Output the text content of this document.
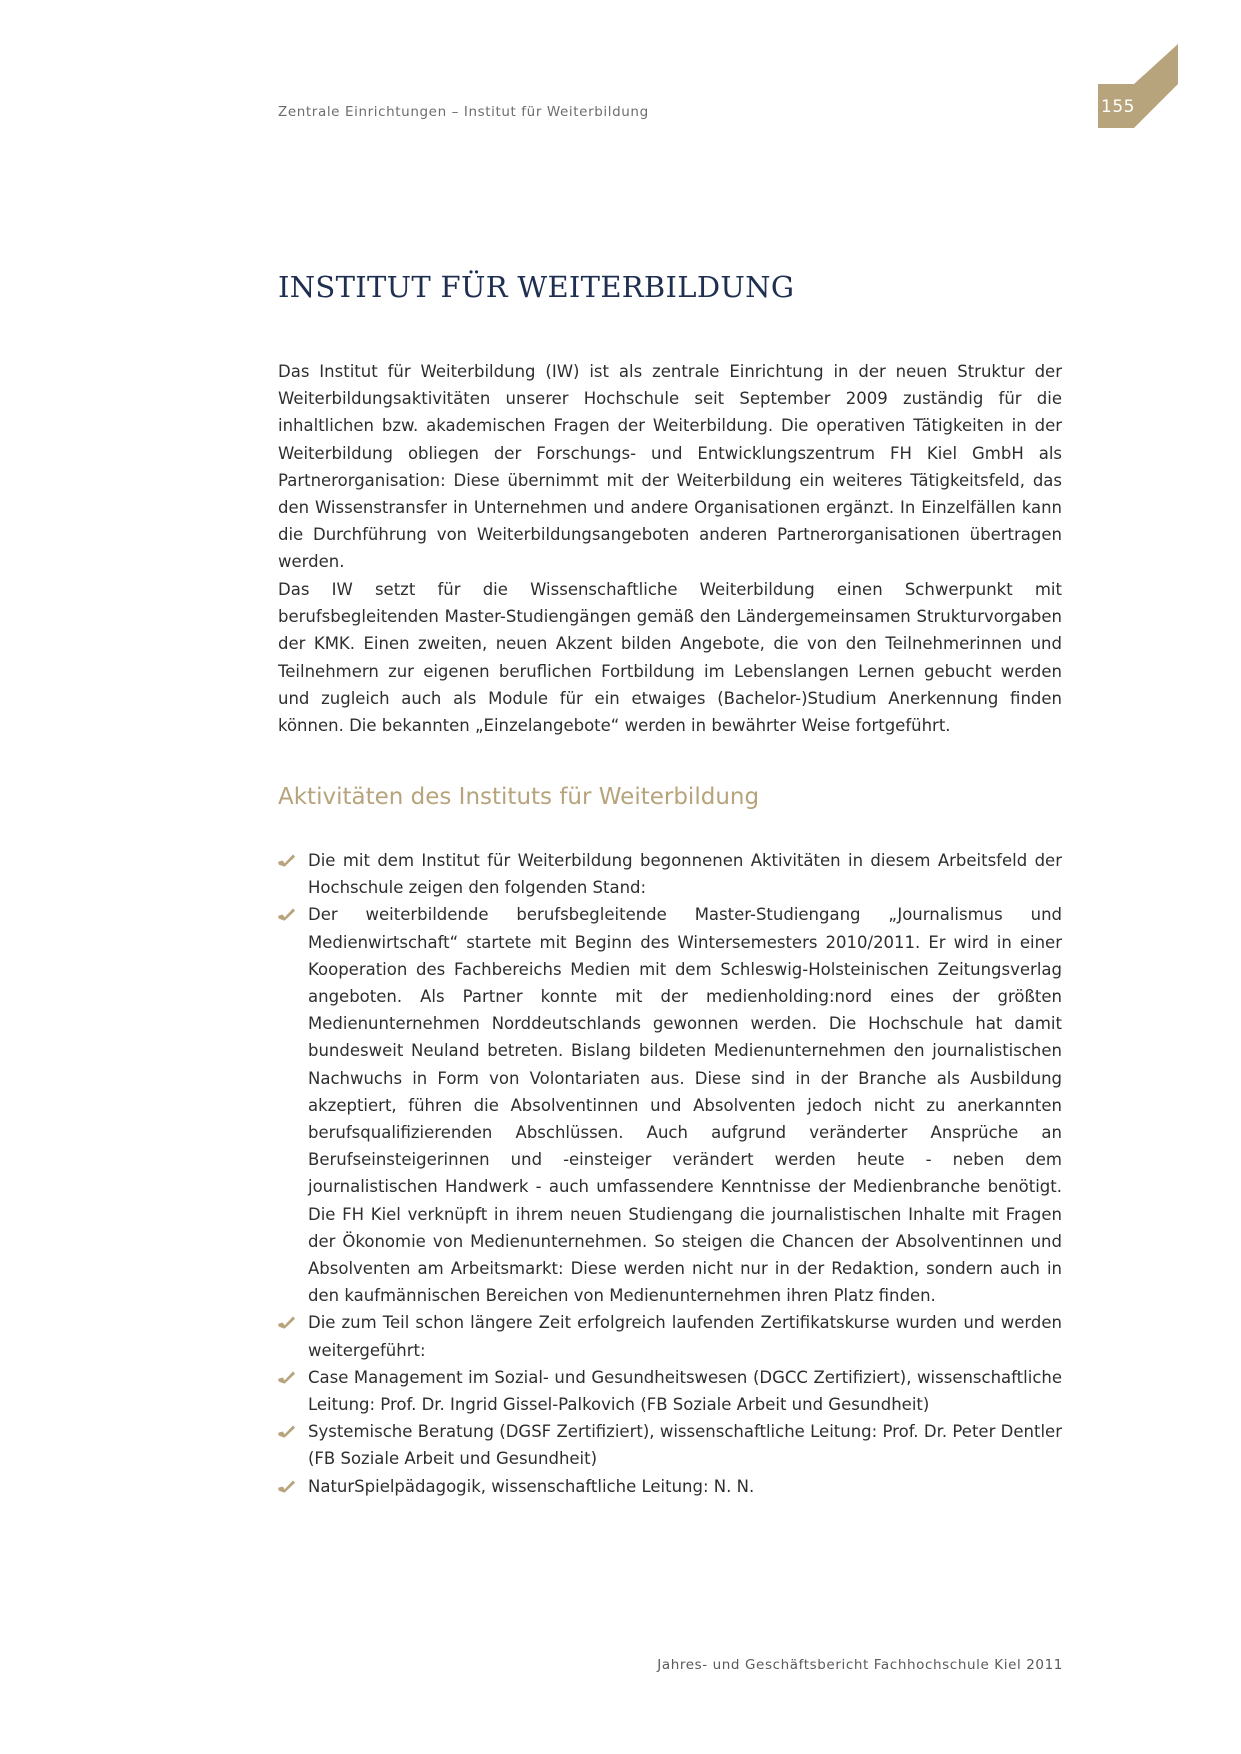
Zentrale Einrichtungen – Institut für Weiterbildung	155
INSTITUT FÜR WEITERBILDUNG

Das Institut für Weiterbildung (IW) ist als zentrale Einrichtung in der neuen Struktur der Weiterbildungsaktivitäten unserer Hochschule seit September 2009 zuständig für die inhaltlichen bzw. akademischen Fragen der Weiterbildung. Die operativen Tätigkeiten in der Weiterbildung obliegen der Forschungs- und Entwicklungszentrum FH Kiel GmbH als Partnerorganisation: Diese übernimmt mit der Weiterbildung ein weiteres Tätigkeitsfeld, das den Wissenstransfer in Unternehmen und andere Organisationen ergänzt. In Einzelfällen kann die Durchführung von Weiterbildungsangeboten anderen Partnerorganisationen übertragen werden.

Das IW setzt für die Wissenschaftliche Weiterbildung einen Schwerpunkt mit berufsbegleitenden Master-Studiengängen gemäß den Ländergemeinsamen Strukturvorgaben der KMK. Einen zweiten, neuen Akzent bilden Angebote, die von den Teilnehmerinnen und Teilnehmern zur eigenen beruflichen Fortbildung im Lebenslangen Lernen gebucht werden und zugleich auch als Module für ein etwaiges (Bachelor-)Studium Anerkennung finden können. Die bekannten „Einzelangebote“ werden in bewährter Weise fortgeführt.

Aktivitäten des Instituts für Weiterbildung
Die mit dem Institut für Weiterbildung begonnenen Aktivitäten in diesem Arbeitsfeld der Hochschule zeigen den folgenden Stand:
Der weiterbildende berufsbegleitende Master-Studiengang „Journalismus und Medienwirtschaft“ startete mit Beginn des Wintersemesters 2010/2011. Er wird in einer Kooperation des Fachbereichs Medien mit dem Schleswig-Holsteinischen Zeitungsverlag angeboten. Als Partner konnte mit der medienholding:nord eines der größten Medienunternehmen Norddeutschlands gewonnen werden. Die Hochschule hat damit bundesweit Neuland betreten. Bislang bildeten Medienunternehmen den journalistischen Nachwuchs in Form von Volontariaten aus. Diese sind in der Branche als Ausbildung akzeptiert, führen die Absolventinnen und Absolventen jedoch nicht zu anerkannten berufsqualifizierenden Abschlüssen. Auch aufgrund veränderter Ansprüche an Berufseinsteigerinnen und -einsteiger verändert werden heute - neben dem journalistischen Handwerk - auch umfassendere Kenntnisse der Medienbranche benötigt. Die FH Kiel verknüpft in ihrem neuen Studiengang die journalistischen Inhalte mit Fragen der Ökonomie von Medienunternehmen. So steigen die Chancen der Absolventinnen und Absolventen am Arbeitsmarkt: Diese werden nicht nur in der Redaktion, sondern auch in den kaufmännischen Bereichen von Medienunternehmen ihren Platz finden.
Die zum Teil schon längere Zeit erfolgreich laufenden Zertifikatskurse wurden und werden weitergeführt:
Case Management im Sozial- und Gesundheitswesen (DGCC Zertifiziert), wissenschaftliche Leitung: Prof. Dr. Ingrid Gissel-Palkovich (FB Soziale Arbeit und Gesundheit)
Systemische Beratung (DGSF Zertifiziert), wissenschaftliche Leitung: Prof. Dr. Peter Dentler (FB Soziale Arbeit und Gesundheit)
NaturSpielpädagogik, wissenschaftliche Leitung: N. N.
Jahres- und Geschäftsbericht Fachhochschule Kiel 2011
